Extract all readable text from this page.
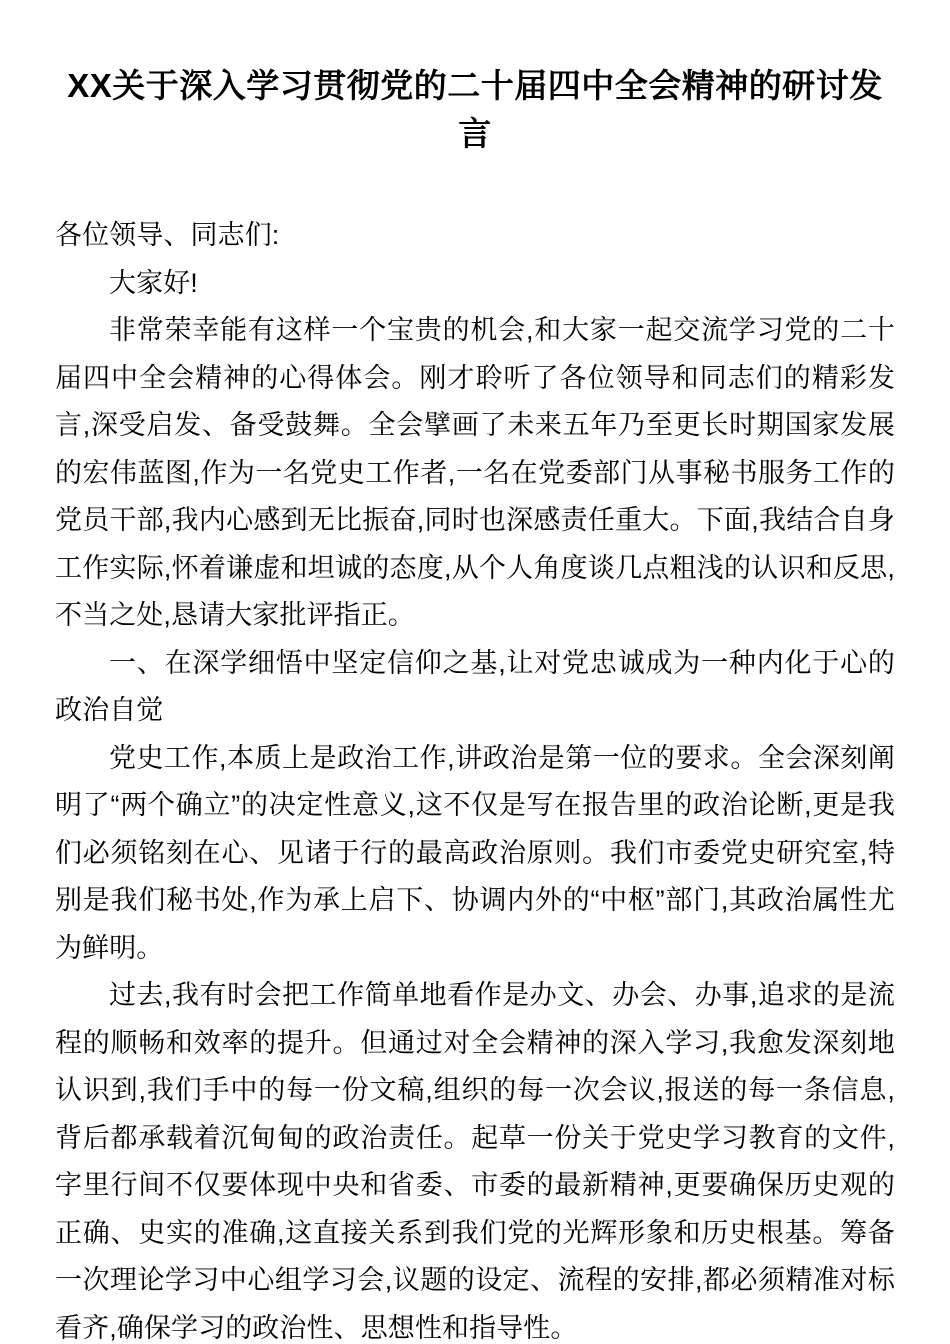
XX关于深入学习贯彻党的二十届四中全会精神的研讨发言

各位领导、同志们:

大家好!

非常荣幸能有这样一个宝贵的机会,和大家一起交流学习党的二十届四中全会精神的心得体会。刚才聆听了各位领导和同志们的精彩发言,深受启发、备受鼓舞。全会擘画了未来五年乃至更长时期国家发展的宏伟蓝图,作为一名党史工作者,一名在党委部门从事秘书服务工作的党员干部,我内心感到无比振奋,同时也深感责任重大。下面,我结合自身工作实际,怀着谦虚和坦诚的态度,从个人角度谈几点粗浅的认识和反思,不当之处,恳请大家批评指正。

一、在深学细悟中坚定信仰之基,让对党忠诚成为一种内化于心的政治自觉

党史工作,本质上是政治工作,讲政治是第一位的要求。全会深刻阐明了“两个确立”的决定性意义,这不仅是写在报告里的政治论断,更是我们必须铭刻在心、见诸于行的最高政治原则。我们市委党史研究室,特别是我们秘书处,作为承上启下、协调内外的“中枢”部门,其政治属性尤为鲜明。

过去,我有时会把工作简单地看作是办文、办会、办事,追求的是流程的顺畅和效率的提升。但通过对全会精神的深入学习,我愈发深刻地认识到,我们手中的每一份文稿,组织的每一次会议,报送的每一条信息,背后都承载着沉甸甸的政治责任。起草一份关于党史学习教育的文件,字里行间不仅要体现中央和省委、市委的最新精神,更要确保历史观的正确、史实的准确,这直接关系到我们党的光辉形象和历史根基。筹备一次理论学习中心组学习会,议题的设定、流程的安排,都必须精准对标看齐,确保学习的政治性、思想性和指导性。
